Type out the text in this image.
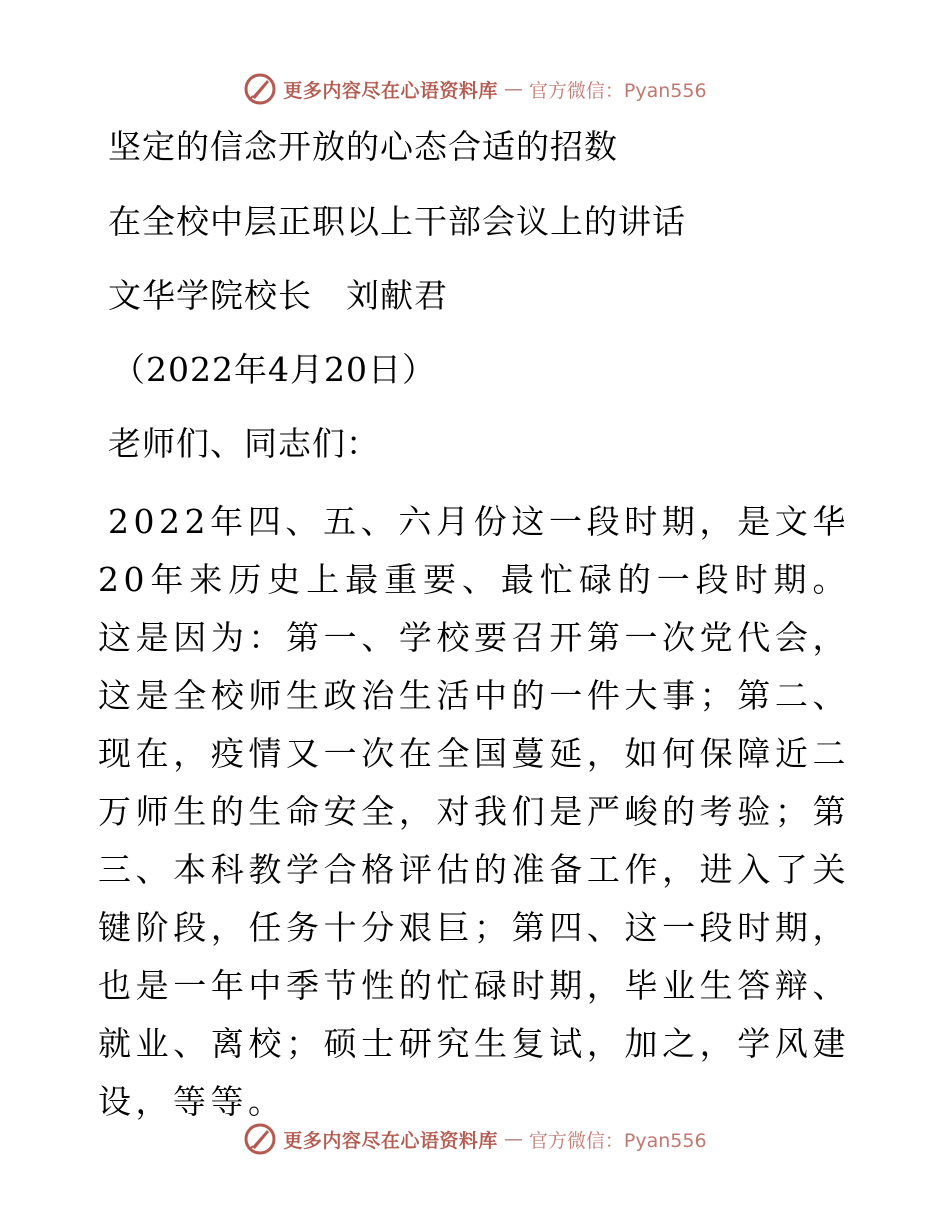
更多内容尽在心语资料库 — 官方微信：Pyan556
坚定的信念开放的心态合适的招数
在全校中层正职以上干部会议上的讲话
文华学院校长　刘献君
（2022年4月20日）
老师们、同志们：
2022年四、五、六月份这一段时期，是文华20年来历史上最重要、最忙碌的一段时期。这是因为：第一、学校要召开第一次党代会，这是全校师生政治生活中的一件大事；第二、现在，疫情又一次在全国蔓延，如何保障近二万师生的生命安全，对我们是严峻的考验；第三、本科教学合格评估的准备工作，进入了关键阶段，任务十分艰巨；第四、这一段时期，也是一年中季节性的忙碌时期，毕业生答辩、就业、离校；硕士研究生复试，加之，学风建设，等等。
更多内容尽在心语资料库 — 官方微信：Pyan556
